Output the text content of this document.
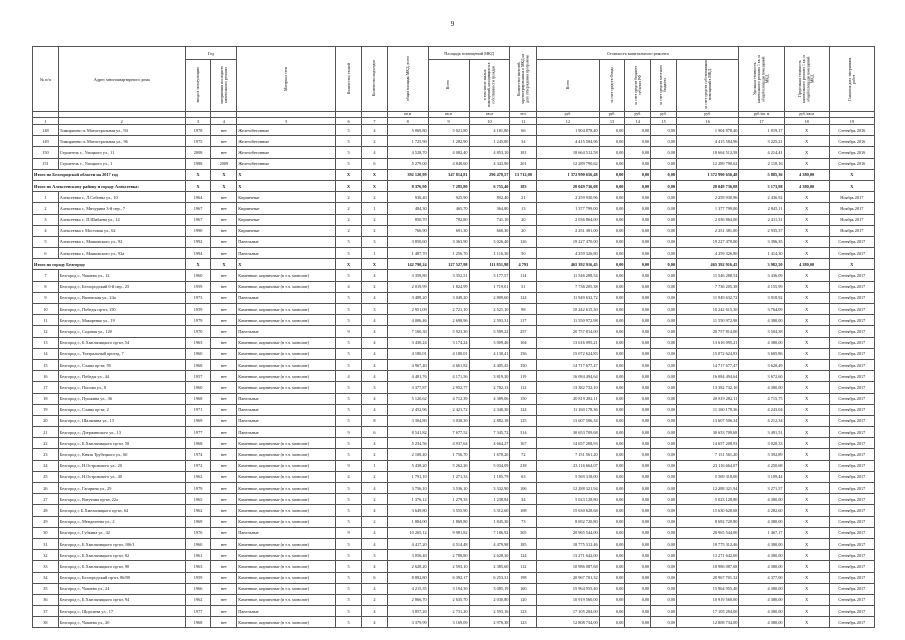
9
№ п/п	Адрес многоквартирного дома	Год		Материал стен	Количество этажей	Количество подъездов	общая площадь МКД, всего	Площадь помещений МКД		Количество жителей, зарегистрированных в МКД на дату утверждения программы	Стоимость капитального ремонта					Удельная стоимость капитального ремонта 1 кв. м общей площади помещений МКД	Предельная стоимость капитального ремонта 1 кв. м общей площади помещений МКД	Плановая дата завершения работ
		ввода в эксплуатацию	завершения последнего капитального ремонта					Всего	в том числе жилых помещений, находящихся в собственности граждан		Всего	за счет средств Фонда	за счет средств бюджета субъекта РФ	за счет средств местного бюджета	за счет средств собственников помещений в МКД			
							кв.м	кв.м	кв.м	чел.	руб.	руб.	руб.	руб.	руб.	руб./кв. м	руб./кв.м	
1	2	3	4	5	6	7	8	9	10	11	12	13	14	15	16	17	18	19
148	Тимирязево п. Магистральная ул., 94	1978	нет	Железобетонные	5	4	5 069,80	5 021,80	4 181,80	66	1 904 878,40	0,00	0,00	0,00	1 904 878,40	1 019,17	X	Сентябрь 2016
149	Тимирязево п. Магистральная ул., 96	1975	нет	Железобетонные	5	2	1 725,90	1 282,90	1 245,80	34	4 415 584,96	0,00	0,00	0,00	4 415 584,96	3 225,21	X	Сентябрь 2016
150	Строитель г., Улицкого ул., 11	2008	нет	Железобетонные	5	4	4 528,70	4 082,40	4 853,10	181	18 664 512,58	0,00	0,00	0,00	18 664 512,58	4 214,41	X	Сентябрь 2016
151	Строитель г., Улицкого ул., 1	1988	2009	Железобетонные	5	6	5 279,00	4 848,60	4 343,90	201	12 289 790,62	0,00	0,00	0,00	12 289 790,62	2 118,16	X	Сентябрь 2016
Итого по Белгородской области на 2017 год		X	X	X	X	X	392 120,99	347 814,81	296 478,57	13 712,00	1 372 990 656,48	0,00	0,00	0,00	1 372 990 656,48	5 885,36	4 380,00	X
Итого по Алексеевскому району и городу Алексеевка:		X	X	X	X	X	8 376,90	7 285,80	6 755,40	183	28 049 736,08	0,00	0,00	0,00	28 049 736,08	3 173,98	4 380,00	X
1	Алексеевка г., Л.Собины ул., 10	1964	нет	Кирпичные	2	2	936,40	925,90	892,40	21	2 259 930,96	0,00	0,00	0,00	2 259 930,96	2 436,92	X	Ноябрь 2017
2	Алексеевка г., Мичурина 3-й пер., 7	1967	нет	Кирпичные	2	1	484,30	465,70	364,80	13	1 377 799,00	0,00	0,00	0,00	1 377 799,00	2 845,11	X	Ноябрь 2017
3	Алексеевка г., П.Шибаева ул., 14	1967	нет	Кирпичные	2	2	850,70	782,80	741,10	20	2 036 864,00	0,00	0,00	0,00	2 036 864,00	2 411,31	X	Ноябрь 2017
4	Алексеевка г. Мостовая ул., 62	1990	нет	Кирпичные	2	2	766,90	691,30	660,30	20	2 251 381,00	0,00	0,00	0,00	2 251 381,00	2 935,37	X	Ноябрь 2017
5	Алексеевка г., Маяковского ул., 92	1992	нет	Панельные	5	3	3 850,60	3 363,90	3 026,40	126	19 227 470,00	0,00	0,00	0,00	19 227 470,00	3 396,35	X	Сентябрь 2017
6	Алексеевка г., Маяковского ул., 92а	1994	нет	Панельные	5	1	1 487,70	1 256,70	1 116,30	50	4 259 326,80	0,00	0,00	0,00	4 259 326,80	1 414,30	X	Сентябрь 2017
Итого по городу Белгород:		X	X	X	X	X	142 790,24	127 527,98	111 851,98	4 793	465 392 916,45	0,00	0,00	0,00	465 392 916,45	3 982,50	4 380,00	X
7	Белгород г., Чапаева ул., 12	1960	нет	Каменные, кирпичные (в т.ч. монолит)	5	4	3 358,80	3 352,51	3 177,57	114	11 546 288,54	0,00	0,00	0,00	11 546 288,54	3 436,09	X	Сентябрь 2017
8	Белгород г., Белгородский 6-й пер., 25	1959	нет	Каменные, кирпичные (в т.ч. монолит)	4	2	2 019,99	1 824,99	1 719,01	51	7 736 205,38	0,00	0,00	0,00	7 736 205,38	4 155,99	X	Сентябрь 2017
9	Белгород г., Вяземская ул., 24а	1973	нет	Панельные	5	4	3 488,20	3 049,20	2 809,60	124	11 949 632,72	0,00	0,00	0,00	11 949 632,72	3 918,92	X	Сентябрь 2017
10	Белгород г., Победы пр-кт, 150	1959	нет	Каменные, кирпичные (в т.ч. монолит)	5	3	2 951,09	2 721,10	2 521,10	98	10 242 615,30	0,00	0,00	0,00	10 242 615,30	3 764,09	X	Сентябрь 2017
11	Белгород г., Макаренко ул., 19	1979	нет	Каменные, кирпичные (в т.ч. монолит)	5	4	4 006,46	2 698,96	2 593,31	117	11 550 972,98	0,00	0,00	0,00	11 550 972,98	4 380,00	X	Сентябрь 2017
12	Белгород г., Садовая ул., 120	1970	нет	Панельные	9	4	7 160,30	5 923,30	5 589,22	257	20 757 814,00	0,00	0,00	0,00	20 757 814,00	3 504,38	X	Сентябрь 2017
13	Белгород г., Б.Хмельницкого пр-кт, 54	1963	нет	Каменные, кирпичные (в т.ч. монолит)	5	4	3 430,24	3 174,24	3 009,46	104	13 616 095,21	0,00	0,00	0,00	13 616 095,21	4 380,00	X	Сентябрь 2017
14	Белгород г., Театральный проезд, 7	1960	нет	Каменные, кирпичные (в т.ч. монолит)	5	4	4 180,01	4 180,01	4 130,41	156	15 072 624,83	0,00	0,00	0,00	15 072 624,83	3 605,86	X	Сентябрь 2017
15	Белгород г., Славы пр-кт, 95	1968	нет	Каменные, кирпичные (в т.ч. монолит)	5	4	4 967,40	4 661,82	4 405,45	150	14 717 677,47	0,00	0,00	0,00	14 717 677,47	3 620,49	X	Сентябрь 2017
16	Белгород г., Победы ул., 44	1957	нет	Каменные, кирпичные (в т.ч. монолит)	4	4	4 481,76	4 171,56	3 819,30	119	16 084 494,64	0,00	0,00	0,00	16 084 494,64	3 672,60	X	Сентябрь 2017
17	Белгород г., Попова ул., 8	1960	нет	Каменные, кирпичные (в т.ч. монолит)	5	3	3 377,87	2 952,77	2 782,13	112	13 382 732,10	0,00	0,00	0,00	13 382 732,10	4 380,00	X	Сентябрь 2017
18	Белгород г., Пушкина ул., 36	1968	нет	Панельные	5	4	5 120,62	4 712,39	4 389,06	150	20 819 282,11	0,00	0,00	0,00	20 819 282,11	4 715,75	X	Сентябрь 2017
19	Белгород г., Славы пр-кт, 2	1971	нет	Панельные	5	4	2 452,96	2 421,72	2 340,30	124	11 160 178,36	0,00	0,00	0,00	11 160 178,36	4 243,04	X	Сентябрь 2017
20	Белгород г., Шаляпина ул., 13	1969	нет	Панельные	5	8	3 304,80	3 030,30	2 882,18	125	13 607 506,34	0,00	0,00	0,00	13 607 506,34	4 212,34	X	Сентябрь 2017
21	Белгород г., Дзержинского ул., 13	1977	нет	Панельные	9	6	8 541,82	7 677,52	7 345,72	314	30 653 709,68	0,00	0,00	0,00	30 653 709,68	3 491,51	X	Сентябрь 2017
22	Белгород г., Б.Хмельницкого пр-кт, 58	1968	нет	Каменные, кирпичные (в т.ч. монолит)	5	4	5 234,56	4 937,64	4 664,27	167	14 657 208,93	0,00	0,00	0,00	14 657 208,93	3 020,33	X	Сентябрь 2017
23	Белгород г., Князя Трубецкого ул., 60	1974	нет	Каменные, кирпичные (в т.ч. монолит)	5	2	2 108,40	1 756,70	1 678,20	72	7 151 561,20	0,00	0,00	0,00	7 151 561,20	3 392,89	X	Сентябрь 2017
24	Белгород г., Н.Островского ул., 20	1972	нет	Каменные, кирпичные (в т.ч. монолит)	9	1	5 438,20	5 262,26	5 034,09	218	23 116 664,07	0,00	0,00	0,00	23 116 664,07	4 250,68	X	Сентябрь 2017
25	Белгород г., Н.Островского ул., 40	1962	нет	Каменные, кирпичные (в т.ч. монолит)	4	2	1 791,10	1 271,33	1 185,79	63	5 569 318,00	0,00	0,00	0,00	5 569 318,00	3 109,44	X	Сентябрь 2017
26	Белгород г., Гагарина ул., 29	1979	нет	Каменные, кирпичные (в т.ч. монолит)	5	4	3 756,10	3 536,10	3 332,90	106	12 288 321,94	0,00	0,00	0,00	12 288 321,94	3 271,57	X	Сентябрь 2017
27	Белгород г., Ватутина пр-кт, 22а	1965	нет	Каменные, кирпичные (в т.ч. монолит)	5	2	1 376,12	1 279,35	1 238,84	34	5 023 128,80	0,00	0,00	0,00	5 023 128,80	4 380,00	X	Сентябрь 2017
28	Белгород г. Б.Хмельницкого пр-кт, 64	1962	нет	Каменные, кирпичные (в т.ч. монолит)	5	4	3 649,80	3 555,90	3 312,60	108	15 630 628,68	0,00	0,00	0,00	15 630 628,68	4 282,60	X	Сентябрь 2017
29	Белгород г., Менделеева ул., 2	1969	нет	Каменные, кирпичные (в т.ч. монолит)	5	2	1 884,00	1 869,80	1 845,30	73	8 692 720,80	0,00	0,00	0,00	8 692 720,80	4 380,00	X	Сентябрь 2017
30	Белгород г., Губкина ул., 42	1976	нет	Панельные	9	4	10 265,12	9 981,82	7 186,92	305	20 965 544,00	0,00	0,00	0,00	20 965 544,00	1 467,17	X	Сентябрь 2017
31	Белгород г., Б.Хмельницкого пр-кт, 106/1	1960	нет	Каменные, кирпичные (в т.ч. монолит)	5	4	4 417,20	4 514,48	4 479,98	185	18 775 312,46	0,00	0,00	0,00	18 775 312,46	4 380,00	X	Сентябрь 2017
32	Белгород г., Б.Хмельницкого пр-кт, 82	1961	нет	Каменные, кирпичные (в т.ч. монолит)	5	3	3 056,40	2 780,80	2 628,30	124	13 271 642,00	0,00	0,00	0,00	13 271 642,00	4 380,00	X	Сентябрь 2017
33	Белгород г., Б.Хмельницкого пр-кт, 90	1963	нет	Каменные, кирпичные (в т.ч. монолит)	5	4	2 620,20	2 593,10	2 385,60	112	10 986 087,68	0,00	0,00	0,00	10 986 087,68	4 380,00	X	Сентябрь 2017
34	Белгород г., Белгородский пр-кт, 86/88	1959	нет	Каменные, кирпичные (в т.ч. монолит)	5	6	8 892,80	6 392,17	6 253,31	198	20 967 701,32	0,00	0,00	0,00	20 967 701,32	4 377,00	X	Сентябрь 2017
35	Белгород г., Чапаева ул., 24	1966	нет	Каменные, кирпичные (в т.ч. монолит)	5	4	4 215,35	3 194,30	3 085,19	160	15 964 955,40	0,00	0,00	0,00	15 964 955,40	4 380,00	X	Сентябрь 2017
36	Белгород г., Б.Хмельницкого пр-кт, 94	1962	нет	Каменные, кирпичные (в т.ч. монолит)	5	2	2 866,70	2 635,70	2 030,80	120	10 919 560,00	0,00	0,00	0,00	10 919 560,00	4 380,00	X	Сентябрь 2017
37	Белгород г., Щорсаева ул., 17	1977	нет	Панельные	5	4	3 857,20	2 731,20	2 593,16	123	17 105 284,00	0,00	0,00	0,00	17 105 284,00	4 380,00	X	Сентябрь 2017
38	Белгород г., Чапаева ул., 20	1968	нет	Каменные, кирпичные (в т.ч. монолит)	5	4	3 379,99	3 169,09	2 976,38	123	12 808 734,00	0,00	0,00	0,00	12 808 734,00	4 380,00	X	Сентябрь 2017
